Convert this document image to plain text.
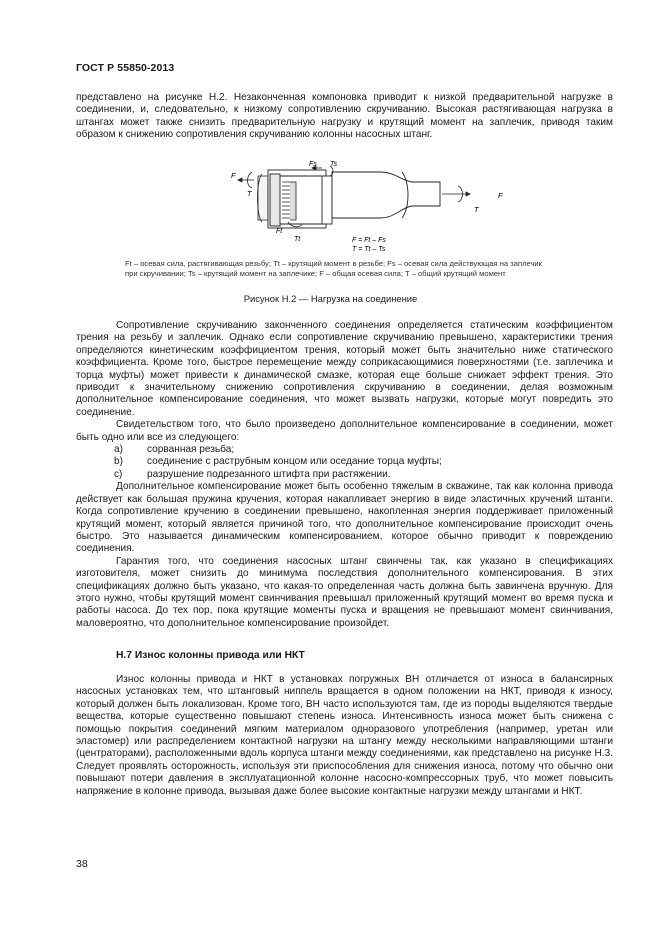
ГОСТ Р 55850-2013

представлено на рисунке Н.2. Незаконченная компоновка приводит к низкой предварительной нагрузке в соединении, и, следовательно, к низкому сопротивлению скручиванию. Высокая растягивающая нагрузка в штангах может также снизить предварительную нагрузку и крутящий момент на заплечик, приводя таким образом к снижению сопротивления скручиванию колонны насосных штанг.

F
T
Fs Ts
Ft
Tt
F
T
F = Ft – Fs
T = Tt – Ts
Ft – осевая сила, растягивающая резьбу; Tt – крутящий момент в резьбе; Fs – осевая сила действующая на заплечик
при скручивании; Ts – крутящий момент на заплечике; F – общая осевая сила; T – общий крутящий момент
Рисунок Н.2 — Нагрузка на соединение

Сопротивление скручиванию законченного соединения определяется статическим коэффициентом трения на резьбу и заплечик. Однако если сопротивление скручиванию превышено, характеристики трения определяются кинетическим коэффициентом трения, который может быть значительно ниже статического коэффициента. Кроме того, быстрое перемещение между соприкасающимися поверхностями (т.е. заплечика и торца муфты) может привести к динамической смазке, которая еще больше снижает эффект трения. Это приводит к значительному снижению сопротивления скручиванию в соединении, делая возможным дополнительное компенсирование соединения, что может вызвать нагрузки, которые могут повредить это соединение.

Свидетельством того, что было произведено дополнительное компенсирование в соединении, может быть одно или все из следующего:

a)	сорванная резьба;
b)	соединение с раструбным концом или оседание торца муфты;
c)	разрушение подрезанного штифта при растяжении.

Дополнительное компенсирование может быть особенно тяжелым в скважине, так как колонна привода действует как большая пружина кручения, которая накапливает энергию в виде эластичных кручений штанги. Когда сопротивление кручению в соединении превышено, накопленная энергия поддерживает приложенный крутящий момент, который является причиной того, что дополнительное компенсирование происходит очень быстро. Это называется динамическим компенсированием, которое обычно приводит к повреждению соединения.

Гарантия того, что соединения насосных штанг свинчены так, как указано в спецификациях изготовителя, может снизить до минимума последствия дополнительного компенсирования. В этих спецификациях должно быть указано, что какая-то определенная часть должна быть завинчена вручную. Для этого нужно, чтобы крутящий момент свинчивания превышал приложенный крутящий момент во время пуска и работы насоса. До тех пор, пока крутящие моменты пуска и вращения не превышают момент свинчивания, маловероятно, что дополнительное компенсирование произойдет.

Н.7 Износ колонны привода или НКТ

Износ колонны привода и НКТ в установках погружных ВН отличается от износа в балансирных насосных установках тем, что штанговый ниппель вращается в одном положении на НКТ, приводя к износу, который должен быть локализован. Кроме того, ВН часто используются там, где из породы выделяются твердые вещества, которые существенно повышают степень износа. Интенсивность износа может быть снижена с помощью покрытия соединений мягким материалом одноразового употребления (например, уретан или эластомер) или распределением контактной нагрузки на штангу между несколькими направляющими штанги (центраторами), расположенными вдоль корпуса штанги между соединениями, как представлено на рисунке Н.3. Следует проявлять осторожность, используя эти приспособления для снижения износа, потому что обычно они повышают потери давления в эксплуатационной колонне насосно-компрессорных труб, что может повысить напряжение в колонне привода, вызывая даже более высокие контактные нагрузки между штангами и НКТ.

38
